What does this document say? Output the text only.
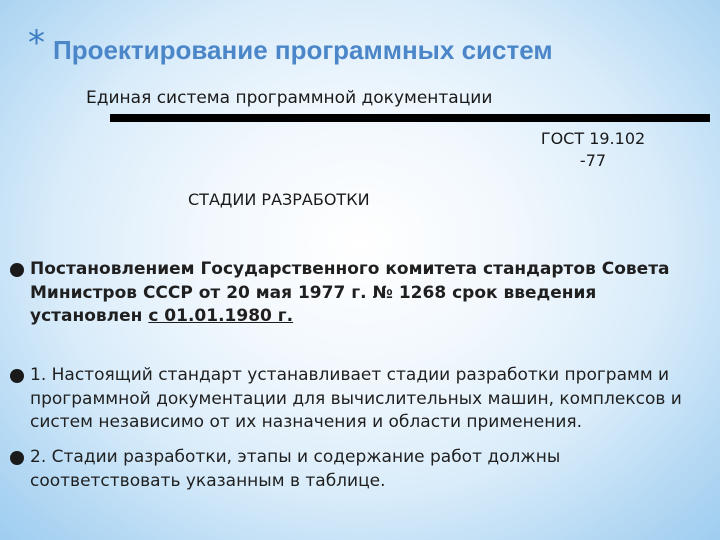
* Проектирование программных систем
Единая система программной документации
ГОСТ 19.102
-77
СТАДИИ РАЗРАБОТКИ
Постановлением Государственного комитета стандартов Совета Министров СССР от 20 мая 1977 г. № 1268 срок введения установлен с 01.01.1980 г.
1. Настоящий стандарт устанавливает стадии разработки программ и программной документации для вычислительных машин, комплексов и систем независимо от их назначения и области применения.
2. Стадии разработки, этапы и содержание работ должны соответствовать указанным в таблице.
